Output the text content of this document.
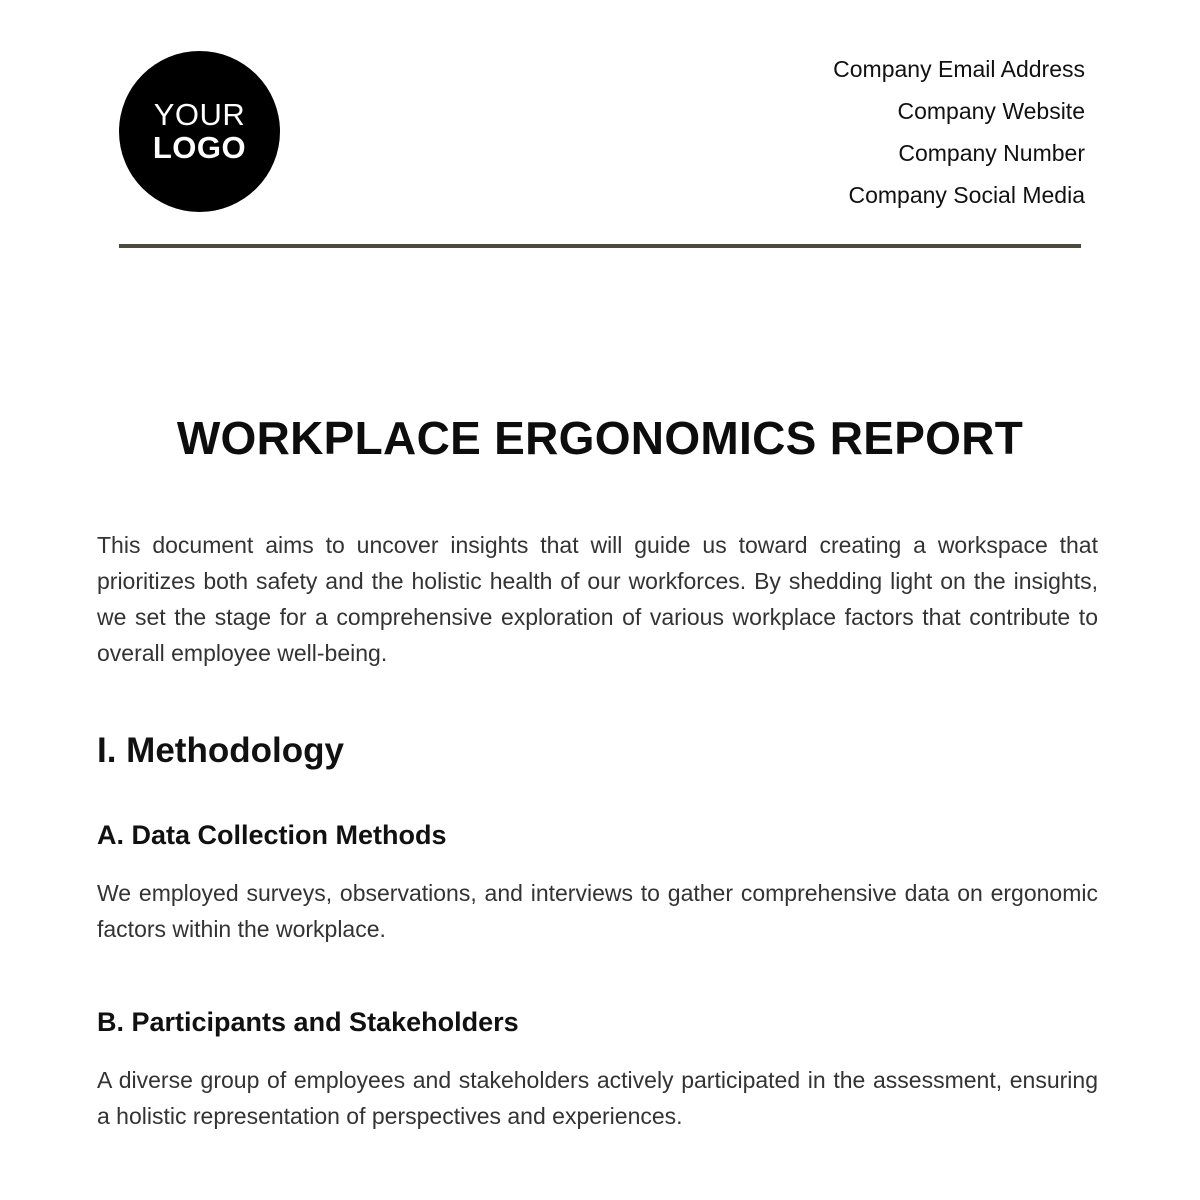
YOUR
LOGO
Company Email Address
Company Website
Company Number
Company Social Media
WORKPLACE ERGONOMICS REPORT

This document aims to uncover insights that will guide us toward creating a workspace that prioritizes both safety and the holistic health of our workforces. By shedding light on the insights, we set the stage for a comprehensive exploration of various workplace factors that contribute to overall employee well-being.

I. Methodology
A. Data Collection Methods

We employed surveys, observations, and interviews to gather comprehensive data on ergonomic factors within the workplace.

B. Participants and Stakeholders

A diverse group of employees and stakeholders actively participated in the assessment, ensuring a holistic representation of perspectives and experiences.
